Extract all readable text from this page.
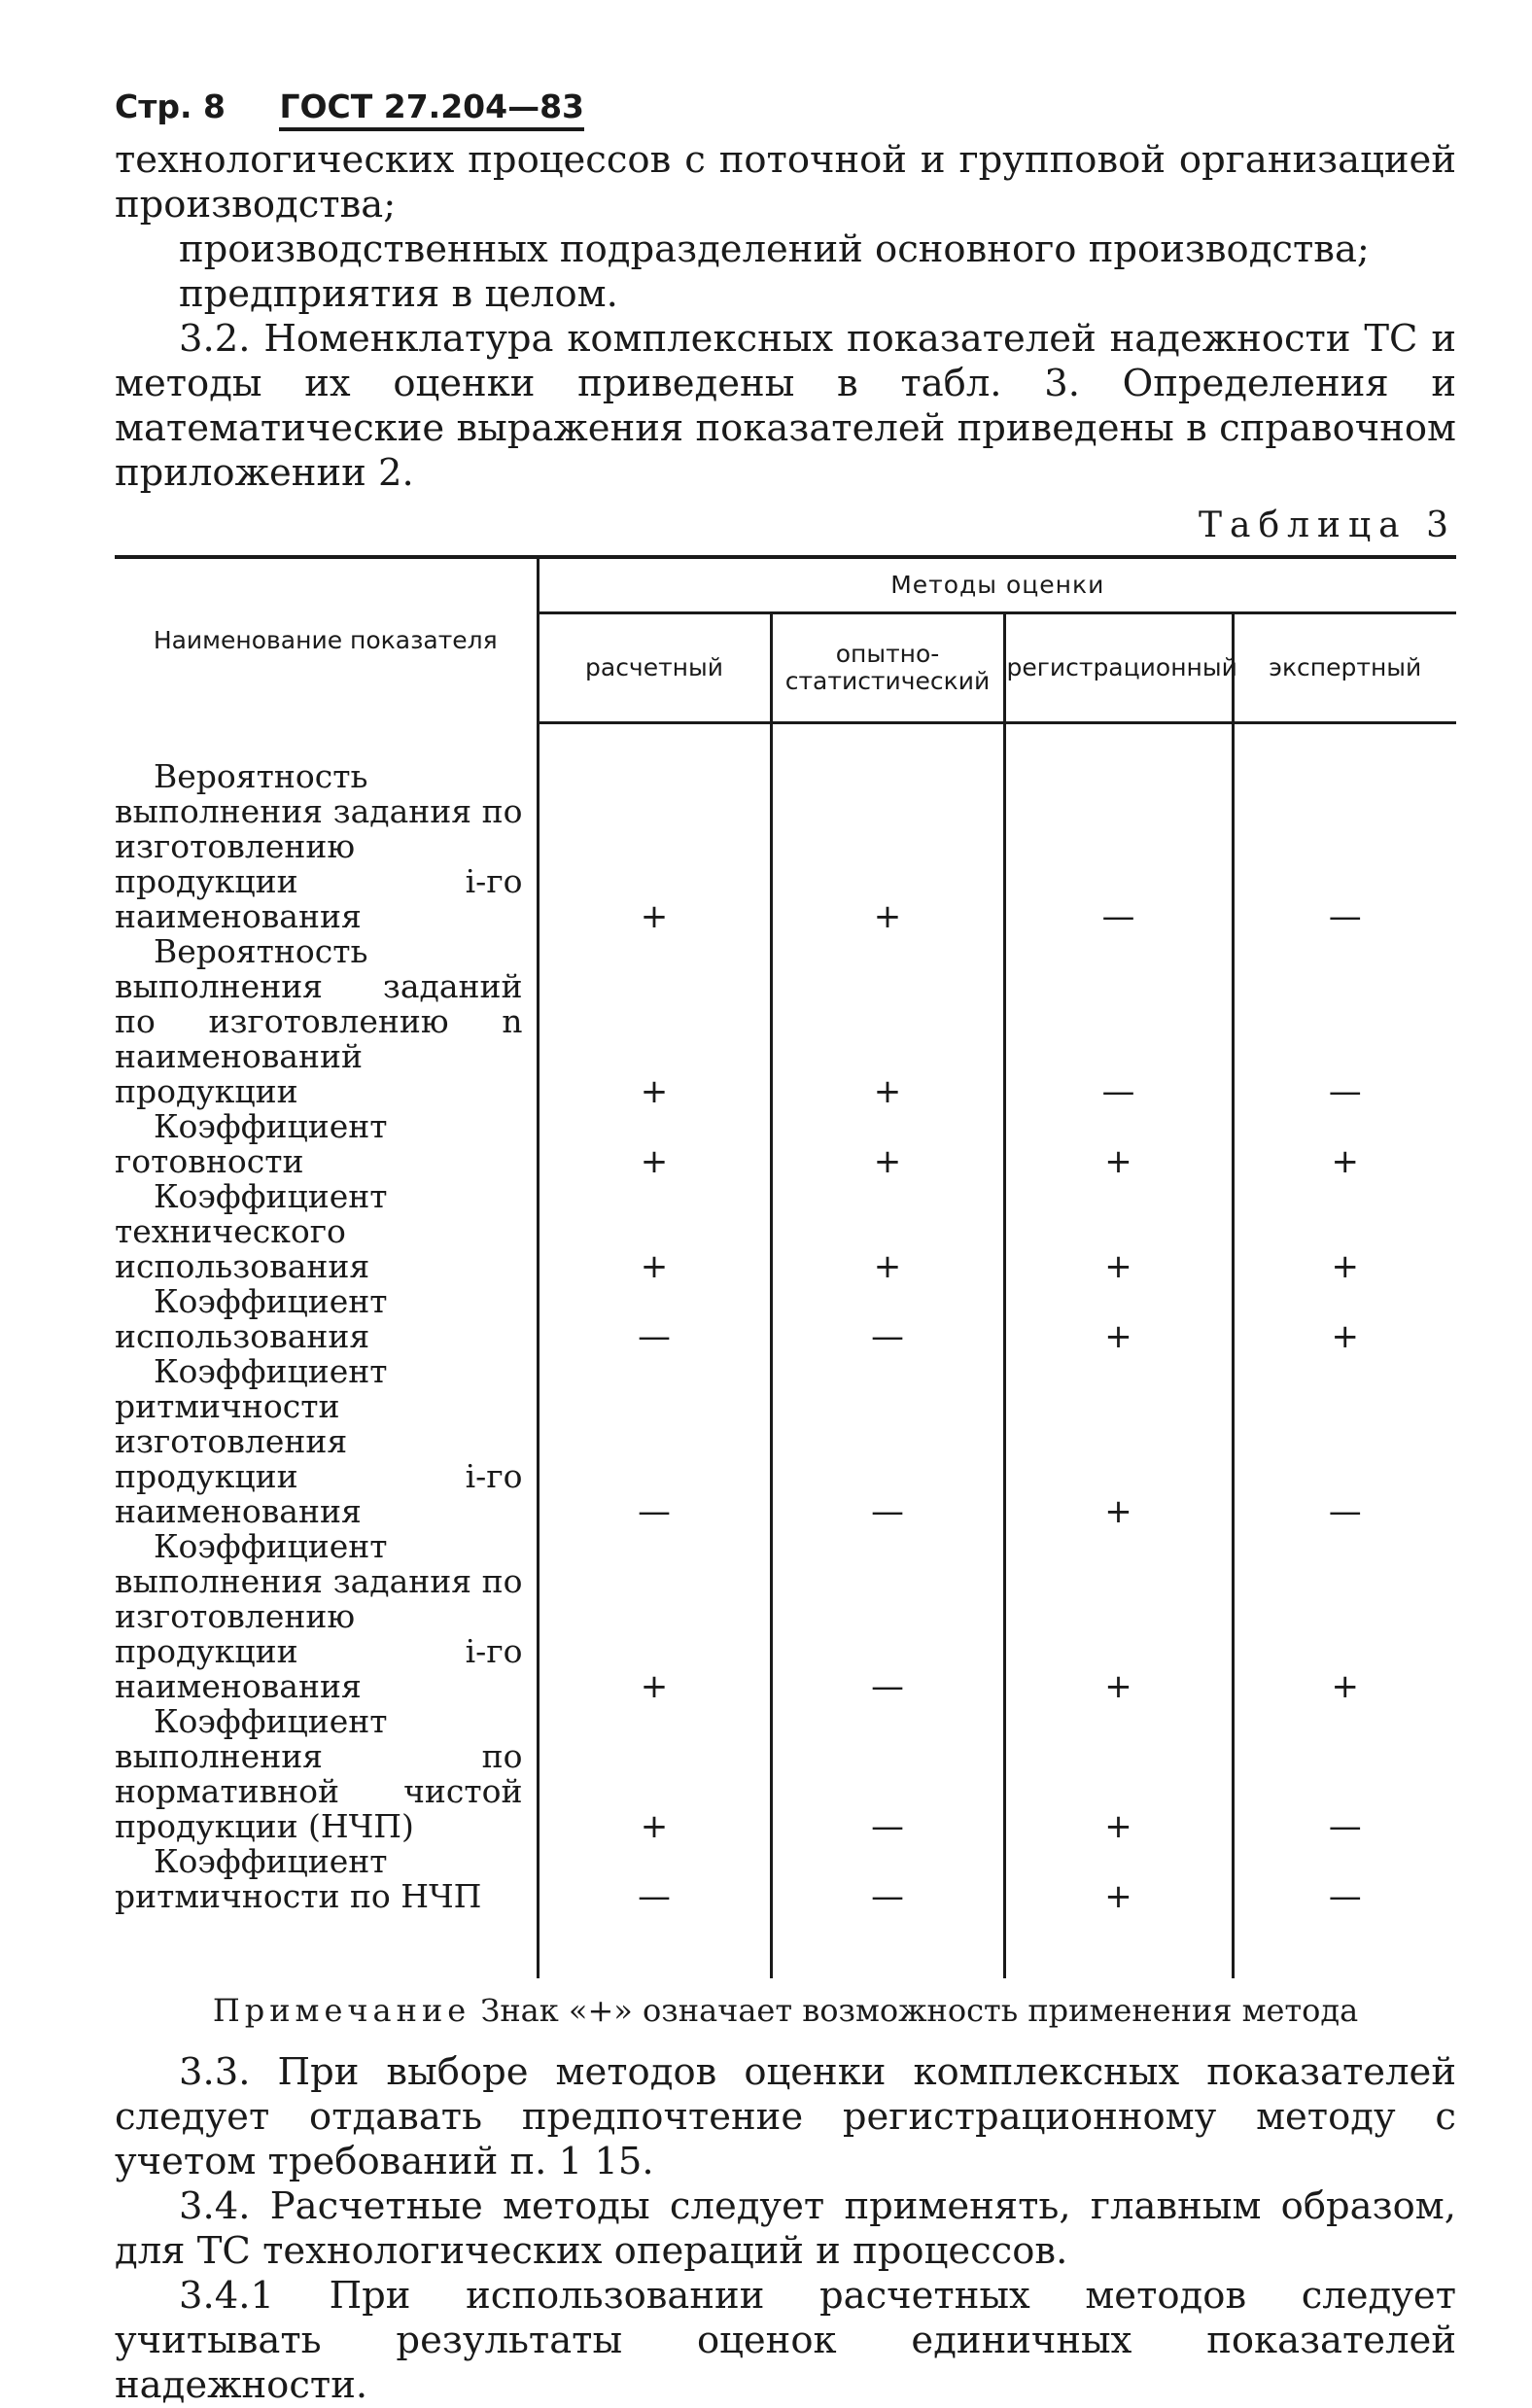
Стр. 8 ГОСТ 27.204—83

технологических процессов с поточной и групповой организацией производства;

производственных подразделений основного производства;

предприятия в целом.

3.2. Номенклатура комплексных показателей надежности ТС и методы их оценки приведены в табл. 3. Определения и математические выражения показателей приведены в справочном приложении 2.

Таблица 3
Наименование показателя	Методы оценки			
	расчетный	опытно-статистический	регистрационный	экспертный

Вероятность выполнения задания по изготовлению продукции i-го наименования	+	+	—	—

Вероятность выполнения заданий по изготовлению n наименований продукции	+	+	—	—

Коэффициент готовности	+	+	+	+

Коэффициент технического использования	+	+	+	+

Коэффициент использования	—	—	+	+

Коэффициент ритмичности изготовления продукции i-го наименования	—	—	+	—

Коэффициент выполнения задания по изготовлению продукции i-го наименования	+	—	+	+

Коэффициент выполнения по нормативной чистой продукции (НЧП)	+	—	+	—

Коэффициент ритмичности по НЧП	—	—	+	—

Примечание Знак «+» означает возможность применения метода

3.3. При выборе методов оценки комплексных показателей следует отдавать предпочтение регистрационному методу с учетом требований п. 1 15.

3.4. Расчетные методы следует применять, главным образом, для ТС технологических операций и процессов.

3.4.1 При использовании расчетных методов следует учитывать результаты оценок единичных показателей надежности.
